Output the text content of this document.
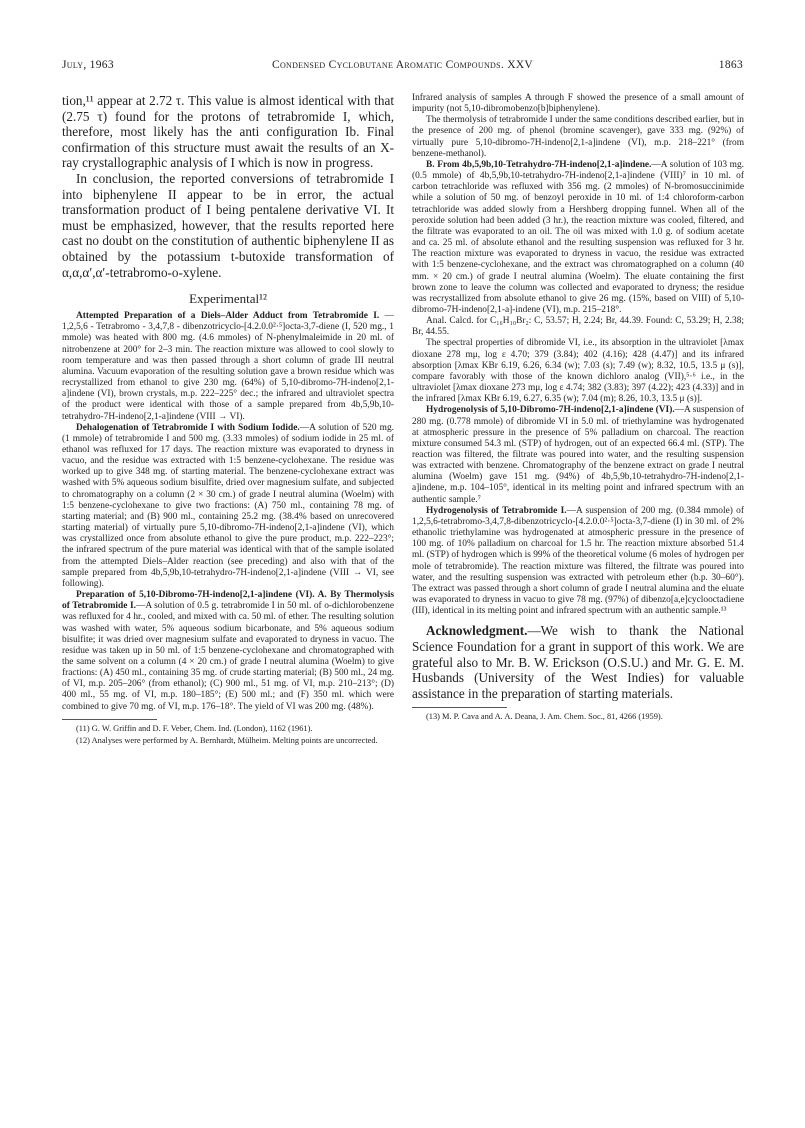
July, 1963	Condensed Cyclobutane Aromatic Compounds. XXV	1863

tion,¹¹ appear at 2.72 τ. This value is almost identical with that (2.75 τ) found for the protons of tetrabromide I, which, therefore, most likely has the anti configuration Ib. Final confirmation of this structure must await the results of an X-ray crystallographic analysis of I which is now in progress.

In conclusion, the reported conversions of tetrabromide I into biphenylene II appear to be in error, the actual transformation product of I being pentalene derivative VI. It must be emphasized, however, that the results reported here cast no doubt on the constitution of authentic biphenylene II as obtained by the potassium t-butoxide transformation of α,α,α′,α′-tetrabromo-o-xylene.

Experimental¹²

Attempted Preparation of a Diels–Alder Adduct from Tetrabromide I. — 1,2,5,6 - Tetrabromo - 3,4,7,8 - dibenzotricyclo-[4.2.0.0²·⁵]octa-3,7-diene (I, 520 mg., 1 mmole) was heated with 800 mg. (4.6 mmoles) of N-phenylmaleimide in 20 ml. of nitrobenzene at 200° for 2–3 min. The reaction mixture was allowed to cool slowly to room temperature and was then passed through a short column of grade III neutral alumina. Vacuum evaporation of the resulting solution gave a brown residue which was recrystallized from ethanol to give 230 mg. (64%) of 5,10-dibromo-7H-indeno[2,1-a]indene (VI), brown crystals, m.p. 222–225° dec.; the infrared and ultraviolet spectra of the product were identical with those of a sample prepared from 4b,5,9b,10-tetrahydro-7H-indeno[2,1-a]indene (VIII → VI).

Dehalogenation of Tetrabromide I with Sodium Iodide.—A solution of 520 mg. (1 mmole) of tetrabromide I and 500 mg. (3.33 mmoles) of sodium iodide in 25 ml. of ethanol was refluxed for 17 days. The reaction mixture was evaporated to dryness in vacuo, and the residue was extracted with 1:5 benzene-cyclohexane. The residue was worked up to give 348 mg. of starting material. The benzene-cyclohexane extract was washed with 5% aqueous sodium bisulfite, dried over magnesium sulfate, and subjected to chromatography on a column (2 × 30 cm.) of grade I neutral alumina (Woelm) with 1:5 benzene-cyclohexane to give two fractions: (A) 750 ml., containing 78 mg. of starting material; and (B) 900 ml., containing 25.2 mg. (38.4% based on unrecovered starting material) of virtually pure 5,10-dibromo-7H-indeno[2,1-a]indene (VI), which was crystallized once from absolute ethanol to give the pure product, m.p. 222–223°; the infrared spectrum of the pure material was identical with that of the sample isolated from the attempted Diels–Alder reaction (see preceding) and also with that of the sample prepared from 4b,5,9b,10-tetrahydro-7H-indeno[2,1-a]indene (VIII → VI, see following).

Preparation of 5,10-Dibromo-7H-indeno[2,1-a]indene (VI). A. By Thermolysis of Tetrabromide I.—A solution of 0.5 g. tetrabromide I in 50 ml. of o-dichlorobenzene was refluxed for 4 hr., cooled, and mixed with ca. 50 ml. of ether. The resulting solution was washed with water, 5% aqueous sodium bicarbonate, and 5% aqueous sodium bisulfite; it was dried over magnesium sulfate and evaporated to dryness in vacuo. The residue was taken up in 50 ml. of 1:5 benzene-cyclohexane and chromatographed with the same solvent on a column (4 × 20 cm.) of grade I neutral alumina (Woelm) to give fractions: (A) 450 ml., containing 35 mg. of crude starting material; (B) 500 ml., 24 mg. of VI, m.p. 205–206° (from ethanol); (C) 900 ml., 51 mg. of VI, m.p. 210–213°; (D) 400 ml., 55 mg. of VI, m.p. 180–185°; (E) 500 ml.; and (F) 350 ml. which were combined to give 70 mg. of VI, m.p. 176–18°. The yield of VI was 200 mg. (48%).

(11) G. W. Griffin and D. F. Veber, Chem. Ind. (London), 1162 (1961).

(12) Analyses were performed by A. Bernhardt, Mülheim. Melting points are uncorrected.

Infrared analysis of samples A through F showed the presence of a small amount of impurity (not 5,10-dibromobenzo[b]biphenylene).

The thermolysis of tetrabromide I under the same conditions described earlier, but in the presence of 200 mg. of phenol (bromine scavenger), gave 333 mg. (92%) of virtually pure 5,10-dibromo-7H-indeno[2,1-a]indene (VI), m.p. 218–221° (from benzene-methanol).

B. From 4b,5,9b,10-Tetrahydro-7H-indeno[2,1-a]indene.—A solution of 103 mg. (0.5 mmole) of 4b,5,9b,10-tetrahydro-7H-indeno[2,1-a]indene (VIII)⁷ in 10 ml. of carbon tetrachloride was refluxed with 356 mg. (2 mmoles) of N-bromosuccinimide while a solution of 50 mg. of benzoyl peroxide in 10 ml. of 1:4 chloroform-carbon tetrachloride was added slowly from a Hershberg dropping funnel. When all of the peroxide solution had been added (3 hr.), the reaction mixture was cooled, filtered, and the filtrate was evaporated to an oil. The oil was mixed with 1.0 g. of sodium acetate and ca. 25 ml. of absolute ethanol and the resulting suspension was refluxed for 3 hr. The reaction mixture was evaporated to dryness in vacuo, the residue was extracted with 1:5 benzene-cyclohexane, and the extract was chromatographed on a column (40 mm. × 20 cm.) of grade I neutral alumina (Woelm). The eluate containing the first brown zone to leave the column was collected and evaporated to dryness; the residue was recrystallized from absolute ethanol to give 26 mg. (15%, based on VIII) of 5,10-dibromo-7H-indeno[2,1-a]-indene (VI), m.p. 215–218°.

Anal. Calcd. for C₁₆H₁₀Br₂: C, 53.57; H, 2.24; Br, 44.39. Found: C, 53.29; H, 2.38; Br, 44.55.

The spectral properties of dibromide VI, i.e., its absorption in the ultraviolet [λmax dioxane 278 mμ, log ε 4.70; 379 (3.84); 402 (4.16); 428 (4.47)] and its infrared absorption [λmax KBr 6.19, 6.26, 6.34 (w); 7.03 (s); 7.49 (w); 8.32, 10.5, 13.5 μ (s)], compare favorably with those of the known dichloro analog (VII),⁵·⁶ i.e., in the ultraviolet [λmax dioxane 273 mμ, log ε 4.74; 382 (3.83); 397 (4.22); 423 (4.33)] and in the infrared [λmax KBr 6.19, 6.27, 6.35 (w); 7.04 (m); 8.26, 10.3, 13.5 μ (s)].

Hydrogenolysis of 5,10-Dibromo-7H-indeno[2,1-a]indene (VI).—A suspension of 280 mg. (0.778 mmole) of dibromide VI in 5.0 ml. of triethylamine was hydrogenated at atmospheric pressure in the presence of 5% palladium on charcoal. The reaction mixture consumed 54.3 ml. (STP) of hydrogen, out of an expected 66.4 ml. (STP). The reaction was filtered, the filtrate was poured into water, and the resulting suspension was extracted with benzene. Chromatography of the benzene extract on grade I neutral alumina (Woelm) gave 151 mg. (94%) of 4b,5,9b,10-tetrahydro-7H-indeno[2,1-a]indene, m.p. 104–105°, identical in its melting point and infrared spectrum with an authentic sample.⁷

Hydrogenolysis of Tetrabromide I.—A suspension of 200 mg. (0.384 mmole) of 1,2,5,6-tetrabromo-3,4,7,8-dibenzotricyclo-[4.2.0.0²·⁵]octa-3,7-diene (I) in 30 ml. of 2% ethanolic triethylamine was hydrogenated at atmospheric pressure in the presence of 100 mg. of 10% palladium on charcoal for 1.5 hr. The reaction mixture absorbed 51.4 ml. (STP) of hydrogen which is 99% of the theoretical volume (6 moles of hydrogen per mole of tetrabromide). The reaction mixture was filtered, the filtrate was poured into water, and the resulting suspension was extracted with petroleum ether (b.p. 30–60°). The extract was passed through a short column of grade I neutral alumina and the eluate was evaporated to dryness in vacuo to give 78 mg. (97%) of dibenzo[a,e]cyclooctadiene (III), identical in its melting point and infrared spectrum with an authentic sample.¹³

Acknowledgment.—We wish to thank the National Science Foundation for a grant in support of this work. We are grateful also to Mr. B. W. Erickson (O.S.U.) and Mr. G. E. M. Husbands (University of the West Indies) for valuable assistance in the preparation of starting materials.

(13) M. P. Cava and A. A. Deana, J. Am. Chem. Soc., 81, 4266 (1959).
